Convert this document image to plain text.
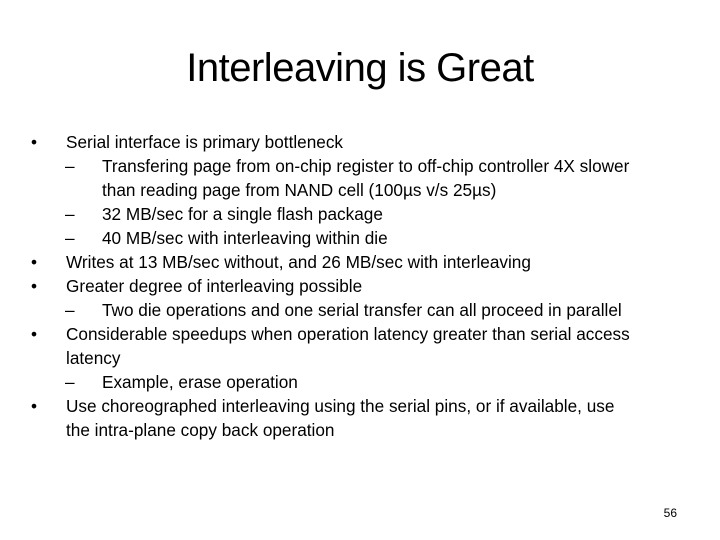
Interleaving is Great
• Serial interface is primary bottleneck
– Transfering page from on-chip register to off-chip controller 4X slower
than reading page from NAND cell (100µs v/s 25µs)
– 32 MB/sec for a single flash package
– 40 MB/sec with interleaving within die
• Writes at 13 MB/sec without, and 26 MB/sec with interleaving
• Greater degree of interleaving possible
– Two die operations and one serial transfer can all proceed in parallel
• Considerable speedups when operation latency greater than serial access
latency
– Example, erase operation
• Use choreographed interleaving using the serial pins, or if available, use
the intra-plane copy back operation
56
